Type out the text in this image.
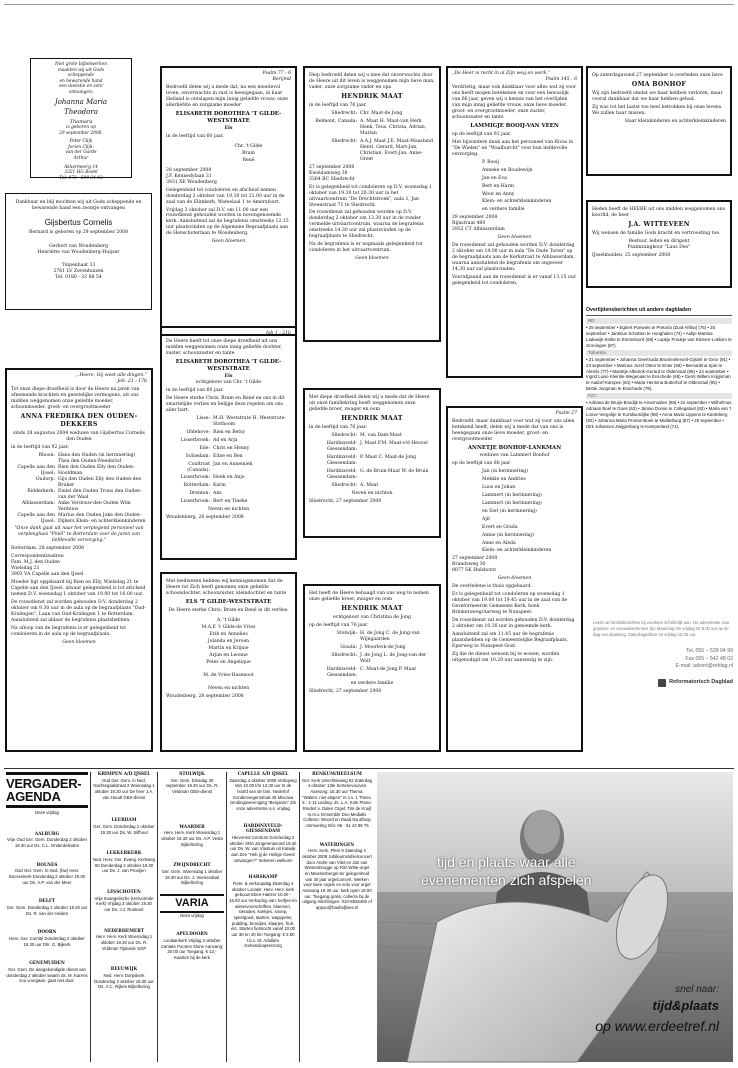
Niet grote bijbelwerken
maakten wij uit Gods
scheppende
en bewarende hand
een doelstie en zonr
ontvangen:
Johanna Maria
Theodora
Thamara
is geboren op
29 september 2008.
Peter Clijk
Jorien Clijk-
van der Garde
Arthur
Akkermeerg 14
3321 HG Bodel
Tel. 073 - 599 34 63
Dankbaar en blij mochten wij uit Gods scheppende en bewarende hand een zoontje ontvangen
Gijsbertus Cornelis
Bernard is geboren op 29 september 2008
Gerbert van Woudenberg
Henriëtte van Woudenberg-Huijzer
Tinpenhaat 33
2761 LV Zevenhuizen
Tel. 0180 - 32 88 54
„ Heere, Gij weet alle dingen.”
Joh. 21 : 17b
Tot onze diepe droefheid is door de Heere na jaren van afnemende krachten en geestelijke vermogens, uit ons midden weggenomen onze geliefde moeder, schoonmoeder, groot- en overgrootmoeder
ANNA FREDRIKA DEN OUDEN-DEKKERS
sinds 28 augustus 2004 weduwe van Gijsbertus Cornelis den Ouden
in de leeftijd van 92 jaar.
Rhoon: Hans den Ouden (in herinnering) Thea den Ouden-Neederlof
Capelle aan den IJssel:
Rien den Ouden Elly den Ouden-Hoofdman
Oudorp: Gijs den Ouden Elly den Ouden-den Bruker
Ridderkerk: Emiel den Ouden Truus den Ouden-van der Waal
Alblasserdam: Anke Verdouw-den Ouden Wim Verdouw
Capelle aan den IJssel:
Marius den Ouden Joke den Ouden-Dijkers Klein- en achterkleinkinderen
"Onze dank gaat uit naar het verplegend personeel van verpleeghuis "Pniël" te Rotterdam voor de jaren van liefdevolle verzorging."
Rotterdam, 28 september 2008
Correspondentieadres:
Fam. M.J. den Ouden
Wielsdag 21
3903 VA Capelle aan den IJssel
Moeder ligt opgebaard bij Rien en Elly, Wielsdag 21 te Capelle aan den IJssel, alwaar gelegenheid is tot afscheid nemen D.V. woensdag 1 oktober van 19.00 tot 16.00 uur.
De rouwdienst zal worden gehouden D.V. donderdag 2 oktober om 9.30 uur in de aula op de begraafplaats "Oud-Kralingen", Laan van Oud-Kralingen 1 te Rotterdam. Aansluitend zal aldaar de begrafenis plaatshebben.
Na afloop van de begrafenis is er gelegenheid tot condoleren in de aula op de begraafplaats.
Geen bloemen
Psalm 77 : 6
Berijmd
Bedroefd delen wij u mede dat, na een moeitevol leven, onverwachts in rust is heengegaan, in haar Heiland is ontslapen mijn innig geliefde vrouw, onze allerliefste en zorgzame moeder
ELISABETH DOROTHEA 'T GILDE-WESTSTRATE
Els
in de leeftijd van 60 jaar.
Chr. 't Gilde
Bram
René
28 september 2008
J.F. Kennedylaan 31
3931 XE Woudenberg
Gelegenheid tot condoleren en afscheid nemen donderdag 2 oktober van 19.30 tot 21.00 uur in de zaal van de Elimkerk, Wateelaal 1 te Amersfoort.
Vrijdag 3 oktober zal D.V. om 11.00 uur een rouwdienst gehouden worden in bovengenoemde kerk. Aansluitend zal de begrafenis omstreeks 12.15 uur plaatsvinden op de Algemene Begraafplaats aan de Henschoterlaan te Woudenberg.
Geen bloemen
Job 1 : 21b
De Heere heeft tot onze diepe droefheid uit ons midden weggenomen onze innig geliefde dochter, zuster, schoonzuster en tante
ELISABETH DOROTHEA 'T GILDE-WESTSTRATE
Els
echtgenote van Chr. 't Gilde
in de leeftijd van 60 jaar.
De Heere sterke Chris, Bram en René en ons in dit smartelijke verlies en belijge deze regelen om ons aller hart.
Lisse: M.H. Weststrate H. Weststrate-Slothoom
Oldehove: Rien en Betsy
Lisserbroek: Ad en Arja
Ede: Chris en Henny
Schiedam: Eline en Ben
Coaltrust (Canada):
Jan en Annemiek
Lisserbroek: Henk en Anjo
Botterdam: Karin
Drenten: Ans
Lisserbroek: Bert en Tineke
Neven en nichten
Woudenberg, 28 september 2008
Met leedwezen hebben wij kennisgenomen dat de Heere tot Zich heeft genomen onze geliefde schoondochter, schoonzuster, kleindochter en tante
ELS 'T GILDE-WESTSTRATE
De Heere sterke Chris, Bram en René in dit verlies.
A. 't Gilde
M.A.F. 't Gilde-de Vries
Erik en Annelies
Jolanda en Jeroen
Martin en Krijnie
Arjan en Leonne
Peter en Angelique
M. de Vries-Hasenoot
Neven en nichten
Woudenberg, 28 september 2008
Diep bedroefd delen wij u mee dat onverwachts door de Heere uit dit leven is weggenomen mijn lieve man, vader, onze zorgzame vader en opa
HENDRIK MAAT
in de leeftijd van 76 jaar.
Sliedrecht: Chr. Maat-de Jong
Belmont, Canada: A. Maat H. Maat-van Herk Henk, Teus, Christa, Adrian, Marian
Sliedrecht: A.A.J. Maat J.E. Maat-Maasland Henri, Gerard, Mart-Jan, Christian, Evert-Jan, Anne-Greet
27 september 2008
Kweldamweg 38
3364 BC Sliedrecht
Er is gelegenheid tot condoleren op D.V. woensdag 1 oktober van 19.30 tot 20.30 uur in het uitvaartcentrum "De Drechtstroek", aula 1, Jan Steenstraat 71 te Sliedrecht.
De rouwdienst zal gehouden worden op D.V. donderdag 2 oktober om 13.30 uur in de ronder vermelde uitvaartcentrum, waarna de begrafenis omstreeks 14.30 uur zal plaatsvinden op de begraafplaats te Sliedrecht.
Na de begrafenis is er nogmaals gelegenheid tot condoleren in het uitvaartcentrum.
Geen bloemen
Met diepe droefheid delen wij u mede dat de Heere uit onze familiekring heeft weggenomen onze geliefde broer, zwager en oom
HENDRIK MAAT
in de leeftijd van 76 jaar.
Sliedrecht: M. van Dam-Maat
Hardinxveld-Giessendam:
J. Maat P.M. Maat-v/d Heuvel
Hardinxveld-Giessendam:
P. Maat C. Maat-de Jong
Hardinxveld-Giessendam:
G. de Bruin-Maat W. de Bruin
Sliedrecht: A. Maat
Neven en nichten
Sliedrecht, 27 september 2008
Het heeft de Heere behaagd van ons weg te nemen onze geliefde broer, zwager en oom
HENDRIK MAAT
echtgenoot van Christina de Jong
op de leeftijd van 76 jaar.
Stolwijk: H. de Jong C. de Jong-van Wijngaarden
Gouda: J. Moorlevk-de Jong
Sliedrecht: J. de Jong L. de Jong-van der Wolf
Hardinxveld-Giessendam:
C. Maat-de Jong P. Maat
en verdere familie
Sliedrecht, 27 september 2008
„De Heer is recht in al Zijn weg en werk.”
Psalm 145 : 6
Verdrietig, maar ook dankbaar voor alles wat zij voor ons heeft mogen betekenen en voor een bewuslijk van 66 jaar, geven wij u kennis van het overlijden van mijn innig geliefde vrouw, onze lieve moeder, groot- en overgrootmoeder, onze zuster, schoonzuster en tante
LAMMIGJE BOOIJ-VAN VEEN
op de leeftijd van 92 jaar.
Met bijzondere dank aan het personeel van Rivas in "De Wielen" en "Waalburcht" voor hun liefdevolle verzorging.
P. Booij
Anneke en Boudewijn
Jan en Eva
Bert en Harm
Wout en Anny
Klein- en achterkleinkinderen
en verdere familie
28 september 2008
Rijnstraat 480
2952 CT Alblasserdam
Geen bloemen
De rouwdienst zal gehouden worden D.V. donderdag 2 oktober om 14.00 uur in aula "De Oude Toren" op de begraafplaats aan de Kerkstraat te Alblasserdam, waarna aansluitend de begrafenis om ongeveer 14.30 uur zal plaatsvinden.
Voorafgaand aan de rouwdienst is er vanaf 13.15 uur gelegenheid tot condoleren.
Psalm 27
Bedroefd, maar dankbaar voor wat zij voor ons allen betekend heeft, delen wij u mede dat van ons is heengegaan onze lieve moeder, groot- en overgrootmoeder
ANNETJE BONHOF-LANKMAN
weduwe van Lammert Bonhof
op de leeftijd van 88 jaar.
Jan (in herinnering)
Mekkie en Andries
Luus en Johan
Lammert (in herinnering)
Lammert (in herinnering)
en Siet (in herinnering)
Ajit
Evert en Grada
Annie (in herinnering)
Anne en Aleda
Klein- en achterkleinkinderen
27 september 2008
Brandsweg 30
8077 SK Hulshorst
Geen bloemen
De overledene is thuis opgebaard.
Er is gelegenheid tot condoleren op woensdag 1 oktober van 19.00 tot 19.45 uur in de zaal van de Gereformeerde Gemeente Kerk, hoek Brinkersweg/Aarweg te Nunspeet.
De rouwdienst zal worden gehouden D.V. donderdag 2 oktober om 10.30 uur in genoemde kerk.
Aansluitend zal om 11.45 uur de begrafenis plaatshebben op de Gemeentelijke Begraafplaats, Eperweg te Nunspeet-Oost.
Zij die de dienst wensen bij te wonen, worden uitgenodigd om 10.20 uur aanwezig te zijn.
Op zaterdagavond 27 september is overleden onze lieve
OMA BONHOF
Wij zijn bedroefd omdat we haar hebben verloren, maar vooral dankbaar dat we haar hebben gehad.
Zij was tot het laatst toe heel betrokken bij onze levens. We zullen haar missen.
Haar kleinkinderen en achterkleinkinderen
Heden heeft de HEERE uit ons midden weggenomen ons koorlid, de heer
J.A. WITTEVEEN
Wij wensen de familie Gods kracht en vertroosting toe.
Bestuur, leden en dirigent
Psalmzangkoor "Laus Deo"
IJsselmuiden, 25 september 2008
Overlijdensberichten uit andere dagbladen
ND
• 25 september • Egbert Poewels te Pretoria (Zuid-Afrika) (76) • 25 september • Jantinus Schutten te Hooghalen (74) • Aaltje Martina Ladewijk-Stolte te Emmeloord (69) • Lupkje Froukje van Kleinen-Lokkien te Groningen (87).
Tubantia
• 21 september • Johanna Geertruida Brummelervelt-Gijsink te Geor (91) • 23 september • Marinus Jozef Otten te Enter (58) • Bernardina Spie te Almelo (77) • Mariëtje Alberink-Gerard te Oldenzaal (88) • 24 september • Ingrid Luise Kleintie-Wegenaar te Enschede (68) • Gerrit Willem Krijgsman te Aadorf-Kampen (84) • Maria Hermina Butterhof te Oldenzaal (95) • Bettie Jongman te Enschede (79).
PZC
• Adriana de Bruijn-Bosdijk te Arnemuiden (86) • 24 september • Wilhelmus Adriaan Boel te Goes (62) • Jannie Donse te Collegabuit (83) • Maria van 't Loove-Vergoltje te Kortdwordijke (88) • Anna Maria Lippens te Kanteberg (92) • Johanna Maria Pronse-Boek te Middelburg (87) • 25 september • Dirk Johannes Zwijgenburg te Kamperland (71).
Leest uw familieberichten bij voorkeur schriftelijk aan. De advertentie voor gepaste- en rouwadvertenties zijn Maandag t/m vrijdag tot 9.00 uur op de dag van plaatsing. Zaterdagedition tot vrijdag 16.30 uur.
Tel. 055 – 538 04 99
Fax 055 – 542 48 02
E-mail: advert@refdag.nl
Reformatorisch Dagblad
VERGADER-
AGENDA
Deze vrijdag
AALBURG
Vrije Oud Ger. Gem. Donderdag 2 oktober 19.30 uur Ds. C.L. Onderdelinden
BOLNES
Oud Ger. Gem. in Ned. (bw) Herv. Bocsenkerk Donderdag 2 oktober 19.30 uur Ds. A.P. van der Meer
DELFT
Ger. Gem. Donderdag 2 oktober 19.30 uur Ds. R. van der Heiden
DOORN
Herv. Ger. Comité Donderdag 2 oktober 19.30 uur Dhr. G. Bijkerk
GENEMUIDEN
Ger. Gem. De aangekondigde dienst van donderdag 2 oktober waarin ds. M. Karens zou voorgaan, gaat niet door.
KRIMPEN A/D IJSSEL
Oud Ger. Gem. in Ned. Nachtegaalstraat 2 Woensdag 1 oktober 19.30 uur De heer J.A. van Houdt GBS-dienst
LEERDAM
Ger. Gem. Donderdag 2 oktober 19.30 uur Ds. W. Silfhout
LEKKERKERK
Ned. Herv. Ger. Evang. Kerkweg 60 Donderdag 2 oktober 19.30 uur Ds. J. van Prooijen
LINSCHOTEN
Vrije Evangelische (Hervormde Kerk) Vrijdag 3 oktober 19.30 uur Ds. J.J. Roeleart
NEDERHEMERT
Herv. Herv. Kerk Woensdag 1 oktober 19.30 uur Ds. R. Veldman Tijdeede SGP
REEUWIJK
Ned. Herv. Dorpskerk Donderdag 2 oktober 19.30 uur Ds. A.C. Rijken Bijbellezing
STOLWIJK
Ger. Gem. Dinsdag 30 september 19.30 uur Ds. R. Veldman GBS-dienst
WAARDER
Herv. Herv. Kerk Woensdag 1 oktober 19.30 uur Ds. A.P. Vesta Bijbellezing
ZWIJNDRECHT
Ger. Gem. Woensdag 1 oktober 19.30 uur Ds. J. Veenendaal Bijbellezing
VARIA
Deze vrijdag
APELDOORN
Loolaankerk Vrijdag 3 oktober Cantate Poortes Slone Aanvang: 20.00 uur Toegang: € 12,- Kaarten bij de kerk
CAPELLE A/D IJSSEL
Zaterdag 4 oktober 2008 Verkoping Van 10.00 t/m 13.30 uur In de hoofd van de fam. Nederlof Gondenvegenstraat 45 Mixcasa zendingsvereniging "Benjamin" Zie onze advertentie a.s. vrijdag
HARDINXVELD-GIESSENDAM
Hervormd Centrum Donderdag 2 oktober SRA Jongerenavond 19.30 uur Ds. W. van Vlastuin uit Katwijk aan Zee "Heb jij de Heilige Geest ontvangen?" Iedereen welkom!
HARSKAMP
Fiets- & verkoopdag Zaterdag 4 oktober Locatie: Herv. Herv. kerk gebouw Eben-Haëzer 10.00 - 15.00 uur Verkoping van: kerfjes-en wintervoorschriften, bloemen, sieraden, koekjes, snoep, speelgoed, taarten, wapppeler, pudding, broodjes, klaarjes, fruit, etc. Starten fietstocht vanaf 10.00 uur 30 en 40 km Toegang: € 2,50 t.b.v. St. Adullam Gehandicaptenzorg
RENKUM/HEELSUM
Ger. Kerk Utrechtseweg 92 Zaterdag 4 oktober 13te Sertenevooivsn Aanvang: 16.30 uur Thema: "Walem. niet slapen" m.n.v. 1 Thess. 5 : 1-11 Leiding: ds. L.A. Kole Piano: Rindert v. Dalen Orgel: Tim de Kruijf m.m.v. Ensemble Deo Medialls Collecte: Woord en Daad Na afloop ontmoeting Info: 06 - 51 42 89 76
WATERINGEN
Herv. Kerk, Plein 9 Zaterdag 4 oktober 2008 Jubileumslofselconcert door Andre van Vliet en Jan van Westenbrugge op Ritz-Witte-orgel en Meesterbergel ter gelegenheid van 40 jaar orgelconcert. Werken voor twee orgels en solo voor orgel Aanvang 19.30 uur, kerk open 19.00 uur. Toegang gratis, collecte bij de uitgang Inlichtingen: 010-5925460 of appoo@haubs[lives.nl
tijd en plaats waar alle
evenementen zich afspelen
snel naar:
tijd&plaats
op www.erdeetref.nl
